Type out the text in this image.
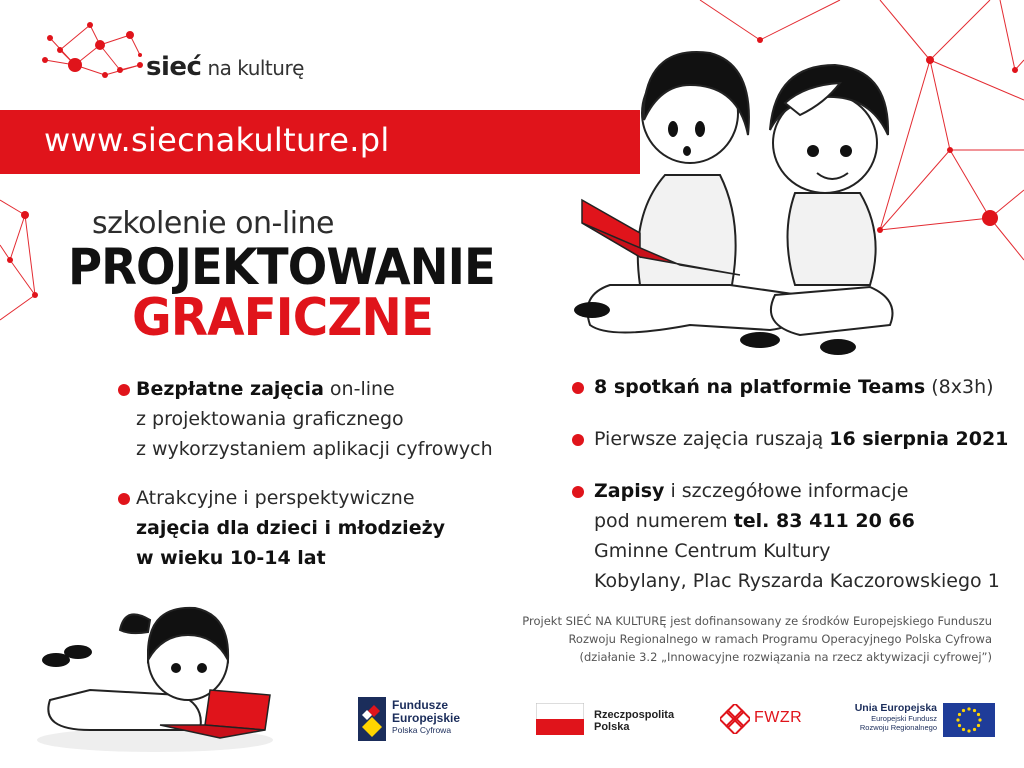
sieć na kulturę
www.siecnakulture.pl
szkolenie on-line
PROJEKTOWANIE
GRAFICZNE
Bezpłatne zajęcia on-line
z projektowania graficznego
z wykorzystaniem aplikacji cyfrowych
Atrakcyjne i perspektywiczne
zajęcia dla dzieci i młodzieży
w wieku 10-14 lat
8 spotkań na platformie Teams (8x3h)
Pierwsze zajęcia ruszają 16 sierpnia 2021
Zapisy i szczegółowe informacje
pod numerem tel. 83 411 20 66
Gminne Centrum Kultury
Kobylany, Plac Ryszarda Kaczorowskiego 1
Projekt SIEĆ NA KULTURĘ jest dofinansowany ze środków Europejskiego Funduszu
Rozwoju Regionalnego w ramach Programu Operacyjnego Polska Cyfrowa
(działanie 3.2 „Innowacyjne rozwiązania na rzecz aktywizacji cyfrowej”)
Fundusze
Europejskie
Polska Cyfrowa
Rzeczpospolita
Polska
FWZR
Unia Europejska
Europejski Fundusz
Rozwoju Regionalnego
